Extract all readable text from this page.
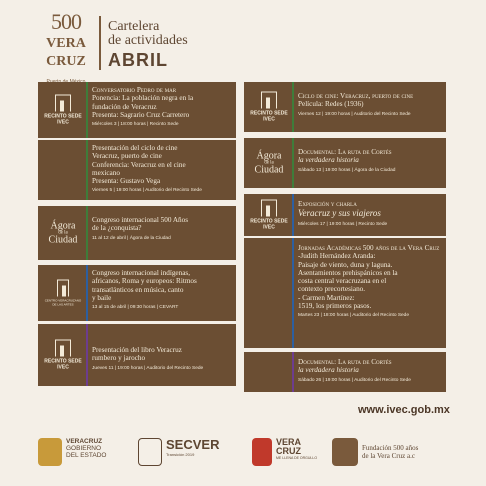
500
VERA
CRUZ

Cartelera
de actividades
ABRIL
RECINTO SEDE IVEC
Conversatorio Pedro de mar
Ponencia: La población negra en la
fundación de Veracruz
Presenta: Sagrario Cruz Carretero
Miércoles 3 | 18:00 horas | Recinto Sede
Presentación del ciclo de cine
Veracruz, puerto de cine
Conferencia: Veracruz en el cine
mexicano
Presenta: Gustavo Vega
Viernes 5 | 19:00 horas | Auditorio del Recinto Sede
Ágora
de la
Ciudad
Congreso internacional 500 Años
de la ¿conquista?
11 al 12 de abril | Ágora de la Ciudad
CENTRO VERACRUZANO DE LAS ARTES
Congreso internacional indígenas,
africanos, Roma y europeos: Ritmos
transatlánticos en música, canto
y baile
13 al 15 de abril | 09:30 horas | CEVART
RECINTO SEDE IVEC
Presentación del libro Veracruz
rumbero y jarocho
Jueves 11 | 19:00 horas | Auditorio del Recinto Sede
RECINTO SEDE IVEC
Ciclo de cine: Veracruz, puerto de cine
Película: Redes (1936)
Viernes 12 | 19:00 horas | Auditorio del Recinto Sede
Ágora
de la
Ciudad
Documental: La ruta de Cortés
la verdadera historia
Sábado 13 | 19:00 horas | Ágora de la Ciudad
RECINTO SEDE IVEC
Exposición y charla
Veracruz y sus viajeros
Miércoles 17 | 19:00 horas | Recinto Sede
Jornadas Académicas 500 años de la Vera Cruz
-Judith Hernández Aranda:
Paisaje de viento, duna y laguna.
Asentamientos prehispánicos en la
costa central veracruzana en el
contexto precortesiano.
- Carmen Martínez:
1519, los primeros pasos.
Martes 23 | 18:00 horas | Auditorio del Recinto Sede
Documental: La ruta de Cortés
la verdadera historia
Sábado 26 | 19:00 horas | Auditorio del Recinto Sede
www.ivec.gob.mx
VERACRUZ
GOBIERNO
DEL ESTADO
SECVER
Transición 2019
VERA
CRUZ
ME LLENA DE ORGULLO
Fundación 500 años
de la Vera Cruz a.c
